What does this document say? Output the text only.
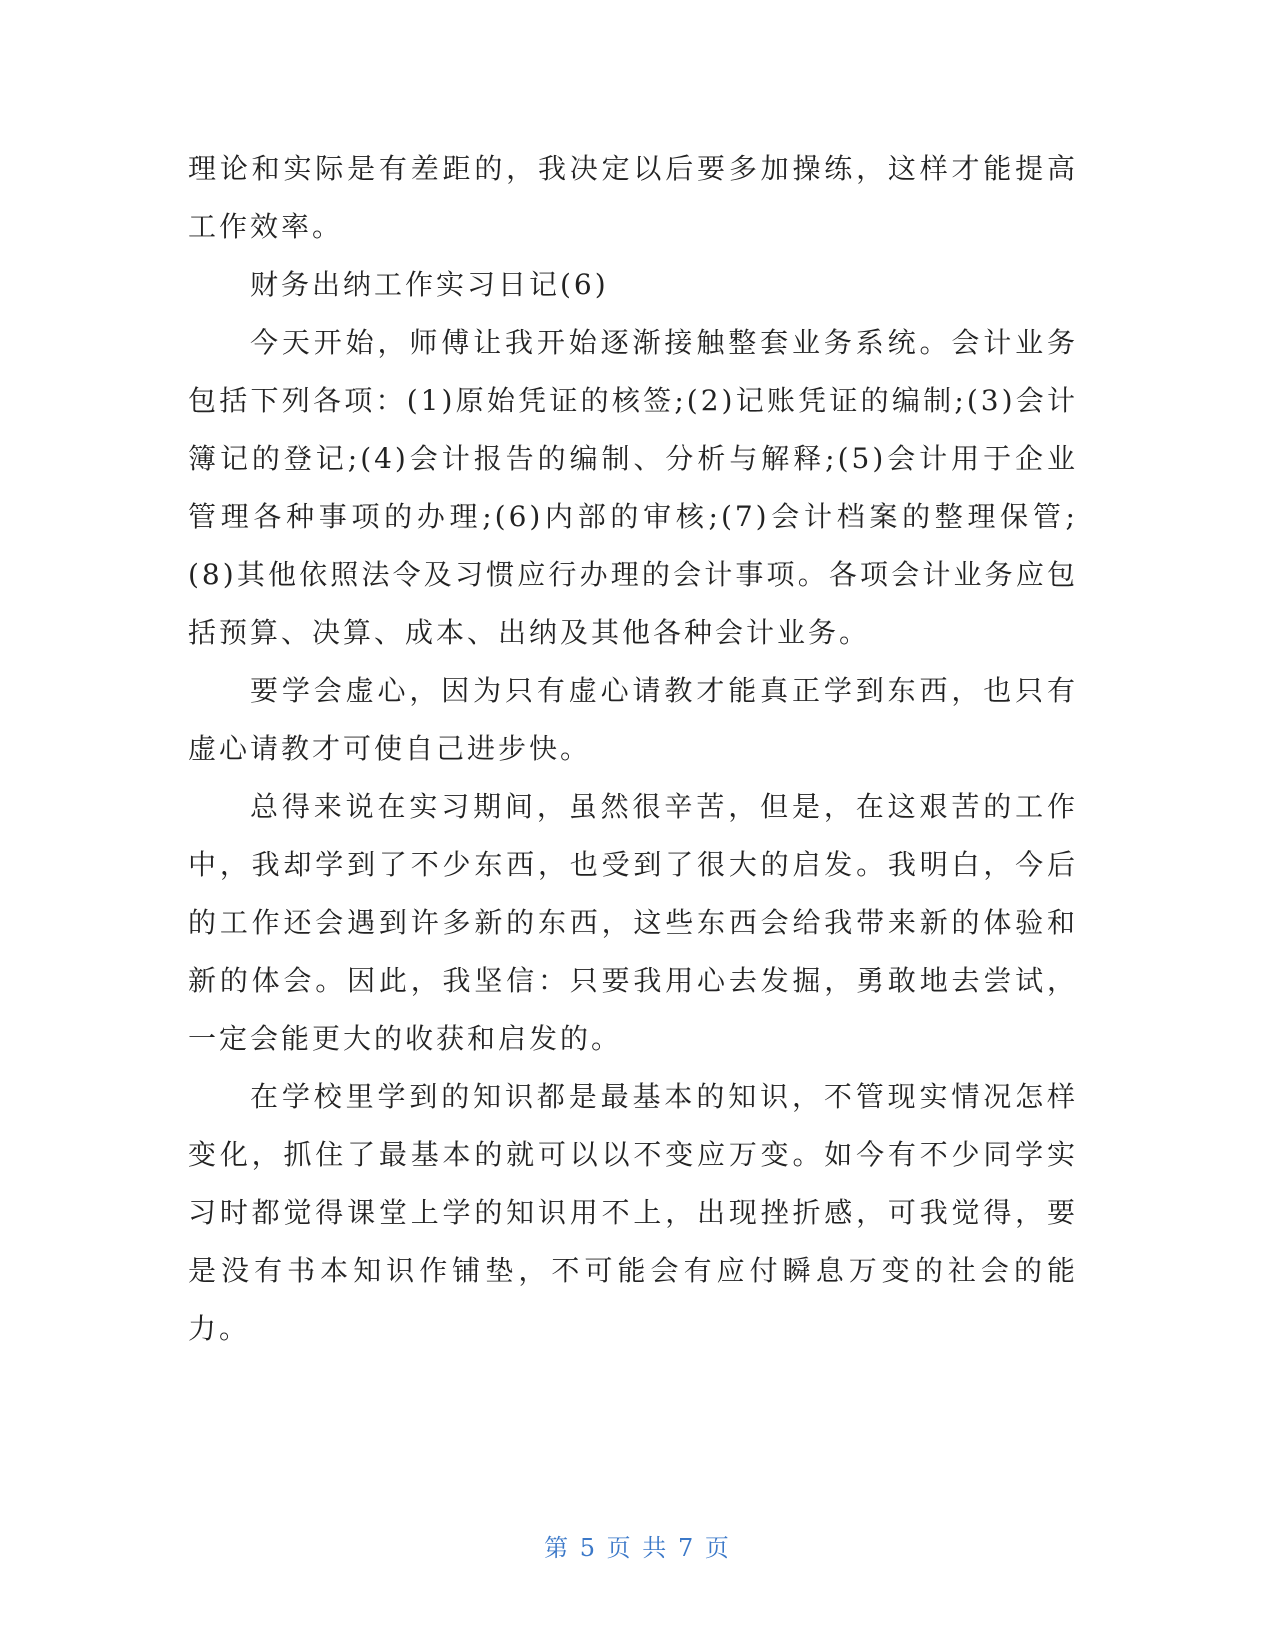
理论和实际是有差距的，我决定以后要多加操练，这样才能提高工作效率。

财务出纳工作实习日记(6)

今天开始，师傅让我开始逐渐接触整套业务系统。会计业务包括下列各项：(1)原始凭证的核签;(2)记账凭证的编制;(3)会计簿记的登记;(4)会计报告的编制、分析与解释;(5)会计用于企业管理各种事项的办理;(6)内部的审核;(7)会计档案的整理保管;(8)其他依照法令及习惯应行办理的会计事项。各项会计业务应包括预算、决算、成本、出纳及其他各种会计业务。

要学会虚心，因为只有虚心请教才能真正学到东西，也只有虚心请教才可使自己进步快。

总得来说在实习期间，虽然很辛苦，但是，在这艰苦的工作中，我却学到了不少东西，也受到了很大的启发。我明白，今后的工作还会遇到许多新的东西，这些东西会给我带来新的体验和新的体会。因此，我坚信：只要我用心去发掘，勇敢地去尝试，一定会能更大的收获和启发的。

在学校里学到的知识都是最基本的知识，不管现实情况怎样变化，抓住了最基本的就可以以不变应万变。如今有不少同学实习时都觉得课堂上学的知识用不上，出现挫折感，可我觉得，要是没有书本知识作铺垫，不可能会有应付瞬息万变的社会的能力。

第 5 页 共 7 页
